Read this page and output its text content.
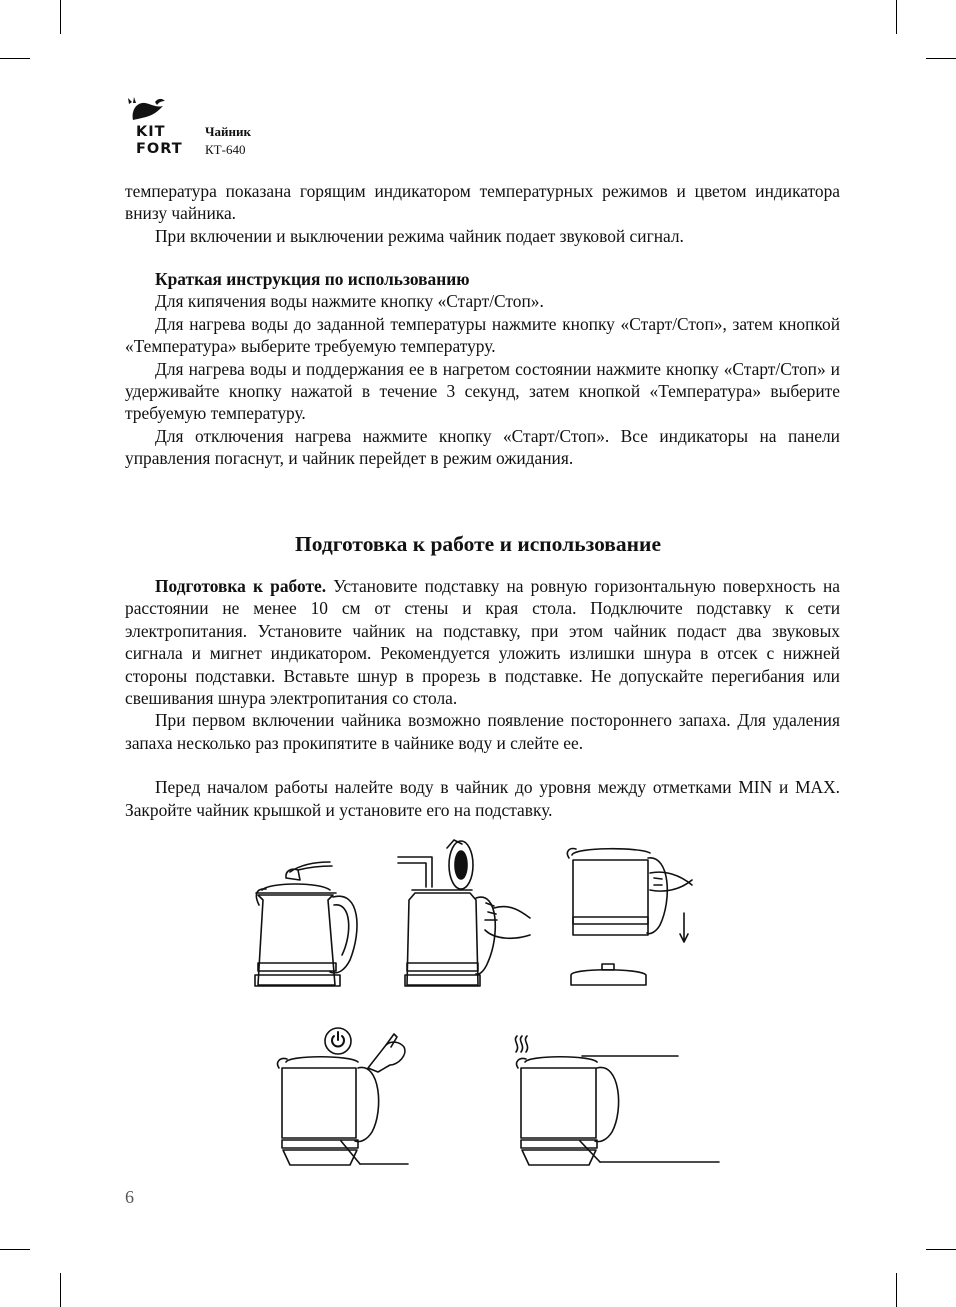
KIT
FORT
Чайник
КТ-640

температура показана горящим индикатором температурных режимов и цветом индикатора внизу чайника.

При включении и выключении режима чайник подает звуковой сигнал.

Краткая инструкция по использованию

Для кипячения воды нажмите кнопку «Старт/Стоп».

Для нагрева воды до заданной температуры нажмите кнопку «Старт/Стоп», затем кнопкой «Температура» выберите требуемую температуру.

Для нагрева воды и поддержания ее в нагретом состоянии нажмите кнопку «Старт/Стоп» и удерживайте кнопку нажатой в течение 3 секунд, затем кнопкой «Температура» выберите требуемую температуру.

Для отключения нагрева нажмите кнопку «Старт/Стоп». Все индикаторы на панели управления погаснут, и чайник перейдет в режим ожидания.

Подготовка к работе и использование

Подготовка к работе. Установите подставку на ровную горизонтальную поверхность на расстоянии не менее 10 см от стены и края стола. Подключите подставку к сети электропитания. Установите чайник на подставку, при этом чайник подаст два звуковых сигнала и мигнет индикатором. Рекомендуется уложить излишки шнура в отсек с нижней стороны подставки. Вставьте шнур в прорезь в подставке. Не допускайте перегибания или свешивания шнура электропитания со стола.

При первом включении чайника возможно появление постороннего запаха. Для удаления запаха несколько раз прокипятите в чайнике воду и слейте ее.

Перед началом работы налейте воду в чайник до уровня между отметками MIN и MAX. Закройте чайник крышкой и установите его на подставку.

6
